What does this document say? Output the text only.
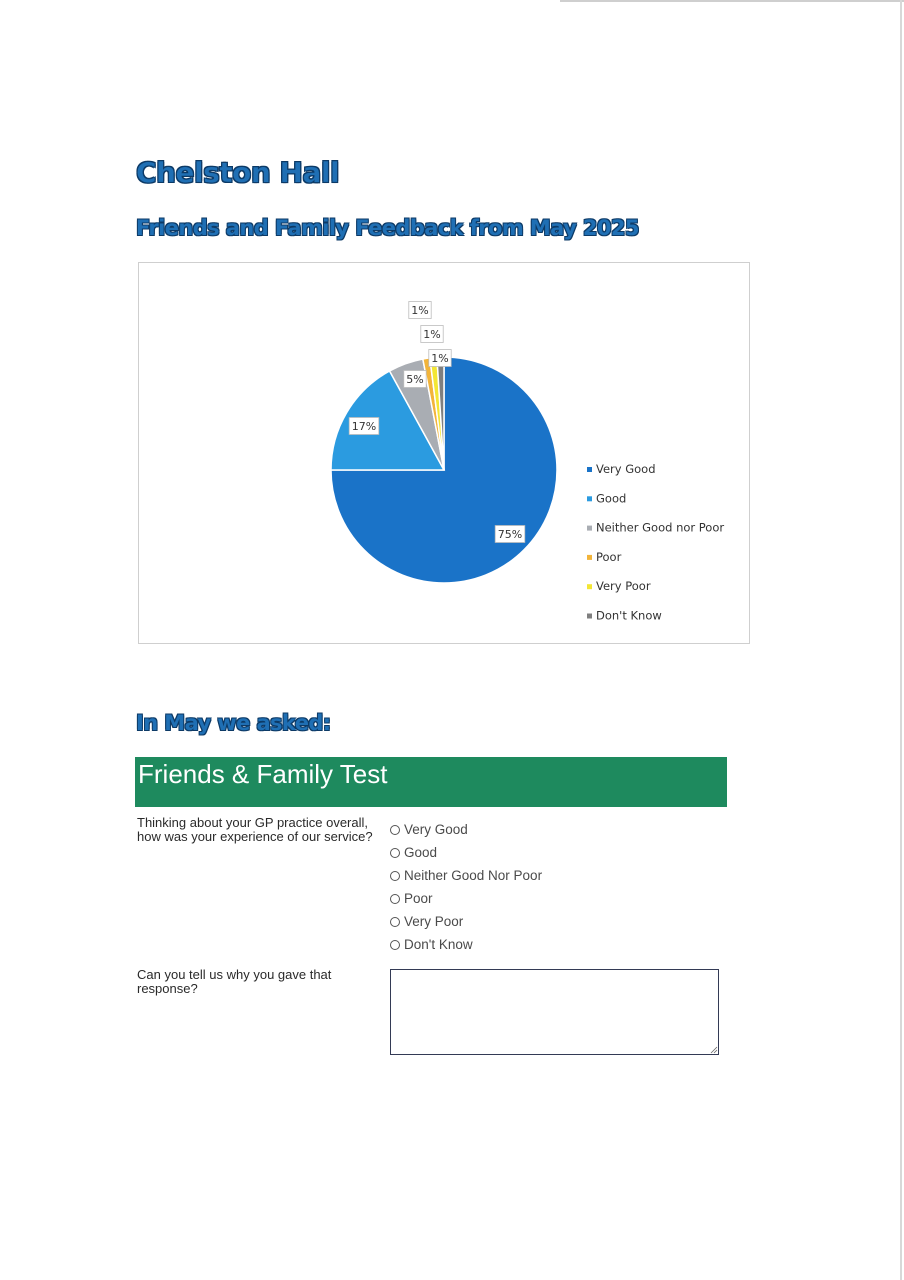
Chelston Hall
Friends and Family Feedback from May 2025
75%
17%
5%
1%
1%
1%
Very Good
Good
Neither Good nor Poor
Poor
Very Poor
Don't Know
In May we asked:
Friends & Family Test
Thinking about your GP practice overall, how was your experience of our service?	Very Good
Good
Neither Good Nor Poor
Poor
Very Poor
Don't Know
Can you tell us why you gave that response?
